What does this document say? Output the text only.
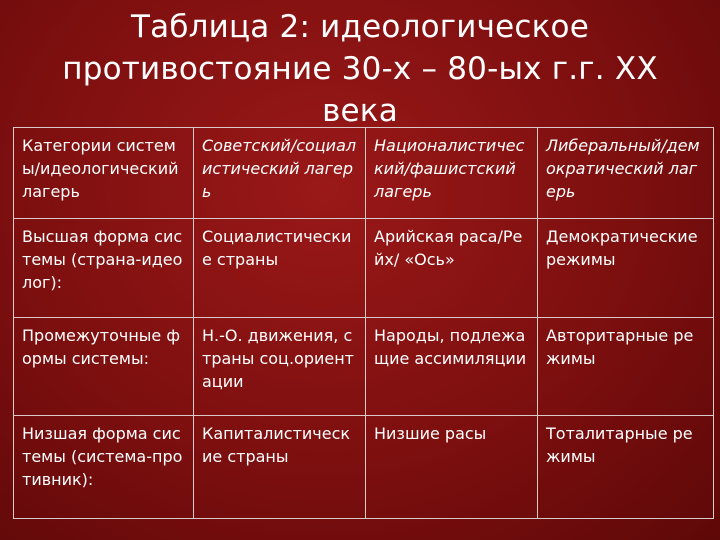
Таблица 2: идеологическое
противостояние 30-х – 80-ых г.г. XX
века
Категории системы/идеологический лагерь	Советский/социалистический лагерь	Националистический/фашистский лагерь	Либеральный/демократический лагерь
Высшая форма системы (страна-идеолог):	Социалистические страны	Арийская раса/Рейх/ «Ось»	Демократические режимы
Промежуточные формы системы:	Н.-О. движения, страны соц.ориентации	Народы, подлежащие ассимиляции	Авторитарные режимы
Низшая форма системы (система-противник):	Капиталистические страны	Низшие расы	Тоталитарные режимы
